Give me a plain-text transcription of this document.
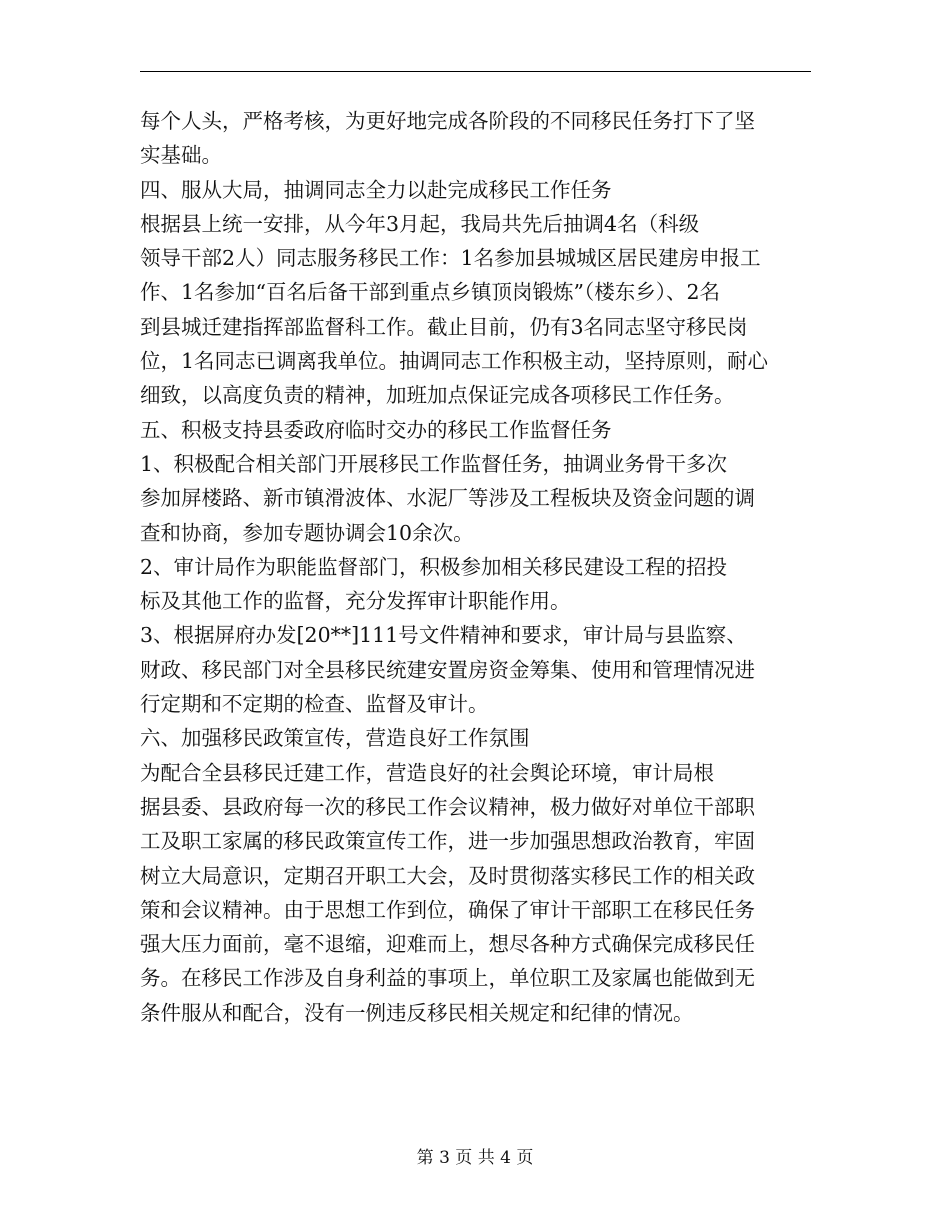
每个人头，严格考核，为更好地完成各阶段的不同移民任务打下了坚
实基础。
四、服从大局，抽调同志全力以赴完成移民工作任务
根据县上统一安排，从今年3月起，我局共先后抽调4名（科级
领导干部2人）同志服务移民工作：1名参加县城城区居民建房申报工
作、1名参加“百名后备干部到重点乡镇顶岗锻炼”（楼东乡）、2名
到县城迁建指挥部监督科工作。截止目前，仍有3名同志坚守移民岗
位，1名同志已调离我单位。抽调同志工作积极主动，坚持原则，耐心
细致，以高度负责的精神，加班加点保证完成各项移民工作任务。
五、积极支持县委政府临时交办的移民工作监督任务
1、积极配合相关部门开展移民工作监督任务，抽调业务骨干多次
参加屏楼路、新市镇滑波体、水泥厂等涉及工程板块及资金问题的调
查和协商，参加专题协调会10余次。
2、审计局作为职能监督部门，积极参加相关移民建设工程的招投
标及其他工作的监督，充分发挥审计职能作用。
3、根据屏府办发[20**]111号文件精神和要求，审计局与县监察、
财政、移民部门对全县移民统建安置房资金筹集、使用和管理情况进
行定期和不定期的检查、监督及审计。
六、加强移民政策宣传，营造良好工作氛围
为配合全县移民迁建工作，营造良好的社会舆论环境，审计局根
据县委、县政府每一次的移民工作会议精神，极力做好对单位干部职
工及职工家属的移民政策宣传工作，进一步加强思想政治教育，牢固
树立大局意识，定期召开职工大会，及时贯彻落实移民工作的相关政
策和会议精神。由于思想工作到位，确保了审计干部职工在移民任务
强大压力面前，毫不退缩，迎难而上，想尽各种方式确保完成移民任
务。在移民工作涉及自身利益的事项上，单位职工及家属也能做到无
条件服从和配合，没有一例违反移民相关规定和纪律的情况。
第 3 页 共 4 页
